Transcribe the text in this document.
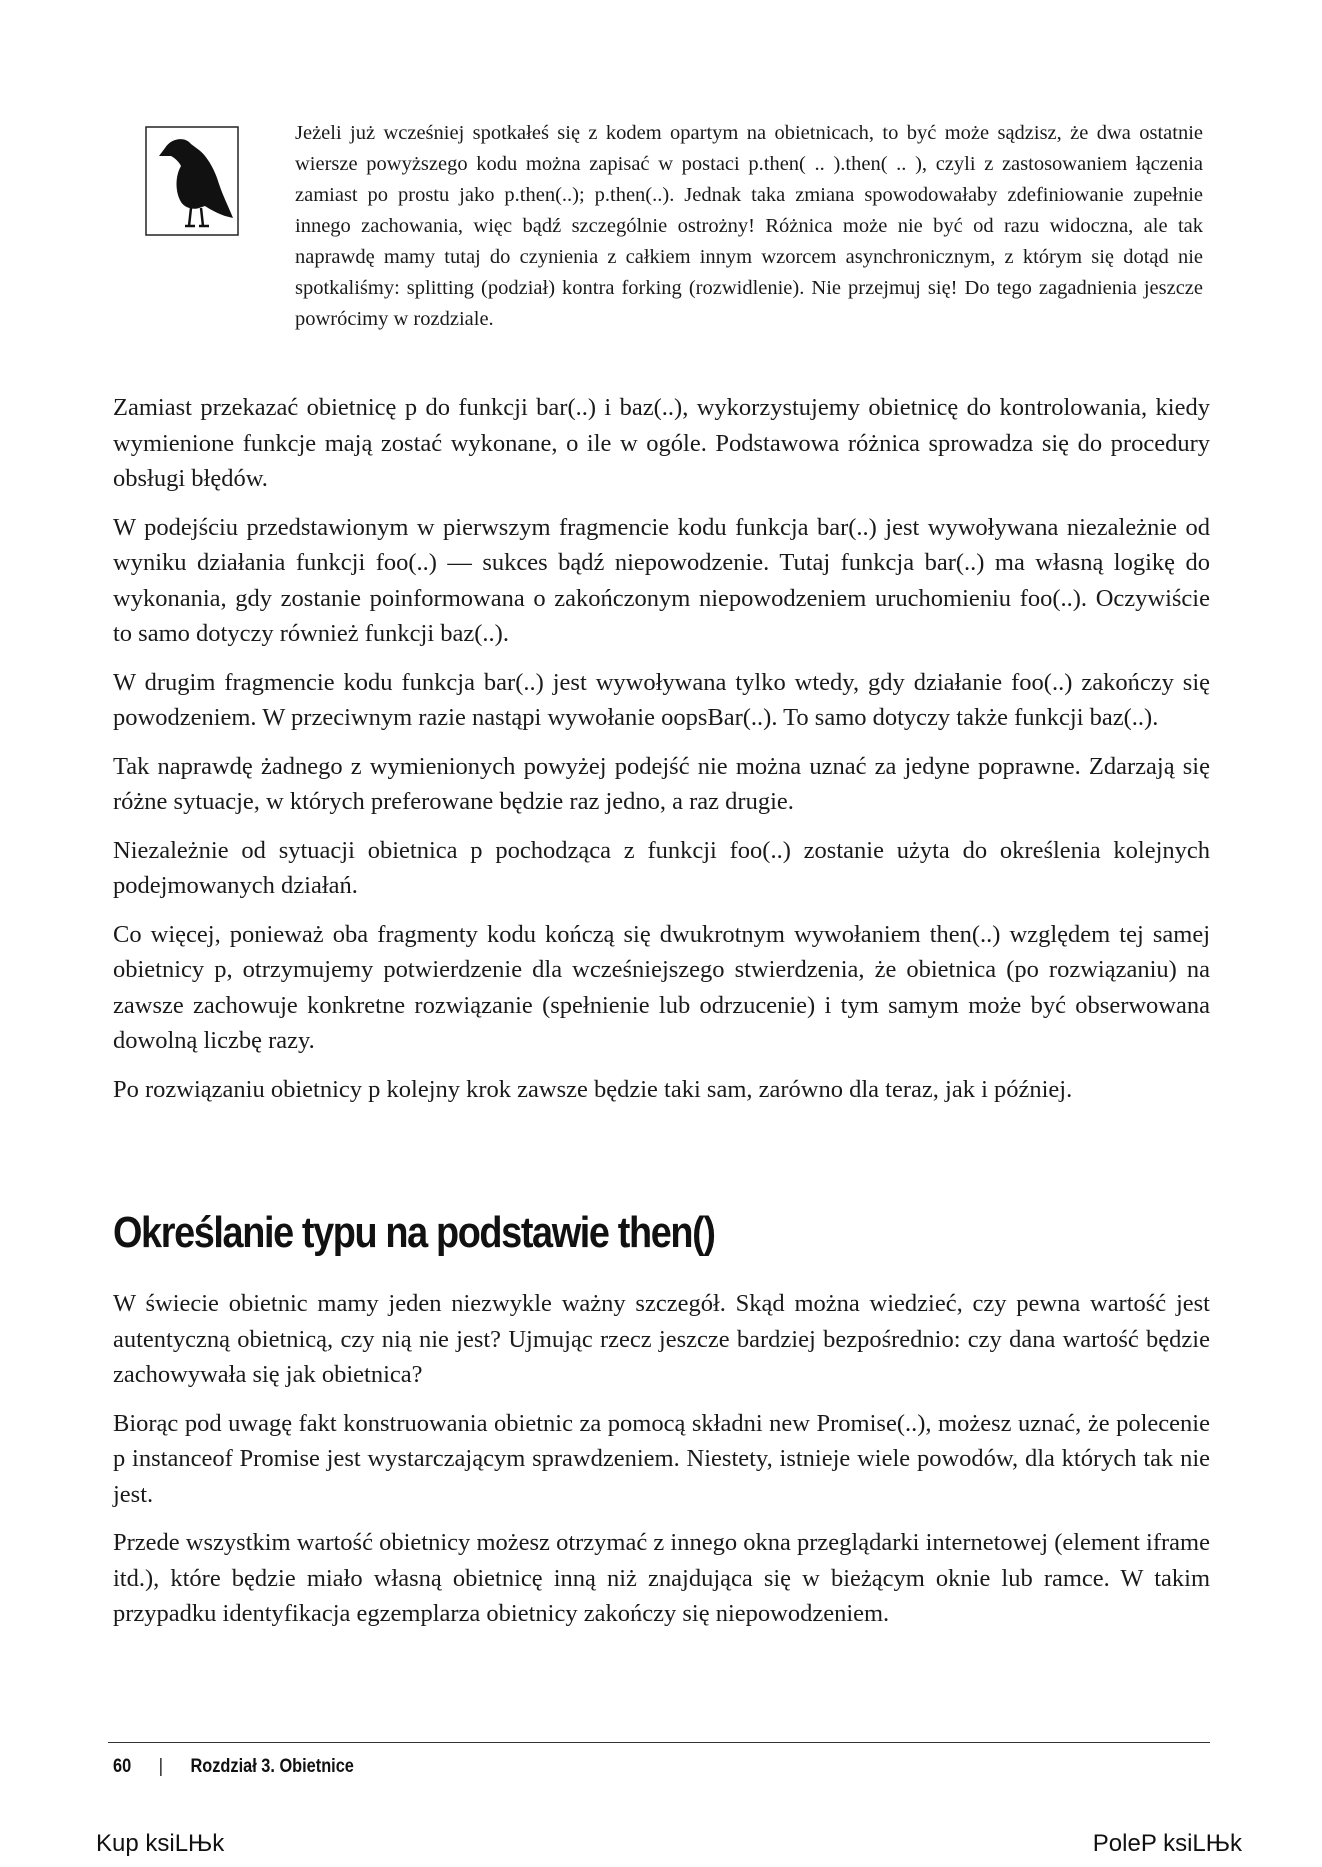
Jeżeli już wcześniej spotkałeś się z kodem opartym na obietnicach, to być może sądzisz, że dwa ostatnie wiersze powyższego kodu można zapisać w postaci p.then( .. ).then( .. ), czyli z zastosowaniem łączenia zamiast po prostu jako p.then(..); p.then(..). Jednak taka zmiana spowodowałaby zdefiniowanie zupełnie innego zachowania, więc bądź szczególnie ostrożny! Różnica może nie być od razu widoczna, ale tak naprawdę mamy tutaj do czynienia z całkiem innym wzorcem asynchronicznym, z którym się dotąd nie spotkaliśmy: splitting (podział) kontra forking (rozwidlenie). Nie przejmuj się! Do tego zagadnienia jeszcze powrócimy w rozdziale.

Zamiast przekazać obietnicę p do funkcji bar(..) i baz(..), wykorzystujemy obietnicę do kontrolowania, kiedy wymienione funkcje mają zostać wykonane, o ile w ogóle. Podstawowa różnica sprowadza się do procedury obsługi błędów.

W podejściu przedstawionym w pierwszym fragmencie kodu funkcja bar(..) jest wywoływana niezależnie od wyniku działania funkcji foo(..) — sukces bądź niepowodzenie. Tutaj funkcja bar(..) ma własną logikę do wykonania, gdy zostanie poinformowana o zakończonym niepowodzeniem uruchomieniu foo(..). Oczywiście to samo dotyczy również funkcji baz(..).

W drugim fragmencie kodu funkcja bar(..) jest wywoływana tylko wtedy, gdy działanie foo(..) zakończy się powodzeniem. W przeciwnym razie nastąpi wywołanie oopsBar(..). To samo dotyczy także funkcji baz(..).

Tak naprawdę żadnego z wymienionych powyżej podejść nie można uznać za jedyne poprawne. Zdarzają się różne sytuacje, w których preferowane będzie raz jedno, a raz drugie.

Niezależnie od sytuacji obietnica p pochodząca z funkcji foo(..) zostanie użyta do określenia kolejnych podejmowanych działań.

Co więcej, ponieważ oba fragmenty kodu kończą się dwukrotnym wywołaniem then(..) względem tej samej obietnicy p, otrzymujemy potwierdzenie dla wcześniejszego stwierdzenia, że obietnica (po rozwiązaniu) na zawsze zachowuje konkretne rozwiązanie (spełnienie lub odrzucenie) i tym samym może być obserwowana dowolną liczbę razy.

Po rozwiązaniu obietnicy p kolejny krok zawsze będzie taki sam, zarówno dla teraz, jak i później.

Określanie typu na podstawie then()

W świecie obietnic mamy jeden niezwykle ważny szczegół. Skąd można wiedzieć, czy pewna wartość jest autentyczną obietnicą, czy nią nie jest? Ujmując rzecz jeszcze bardziej bezpośrednio: czy dana wartość będzie zachowywała się jak obietnica?

Biorąc pod uwagę fakt konstruowania obietnic za pomocą składni new Promise(..), możesz uznać, że polecenie p instanceof Promise jest wystarczającym sprawdzeniem. Niestety, istnieje wiele powodów, dla których tak nie jest.

Przede wszystkim wartość obietnicy możesz otrzymać z innego okna przeglądarki internetowej (element iframe itd.), które będzie miało własną obietnicę inną niż znajdująca się w bieżącym oknie lub ramce. W takim przypadku identyfikacja egzemplarza obietnicy zakończy się niepowodzeniem.

60 | Rozdział 3. Obietnice
Kup ksiLЊk	PoleP ksiLЊk
